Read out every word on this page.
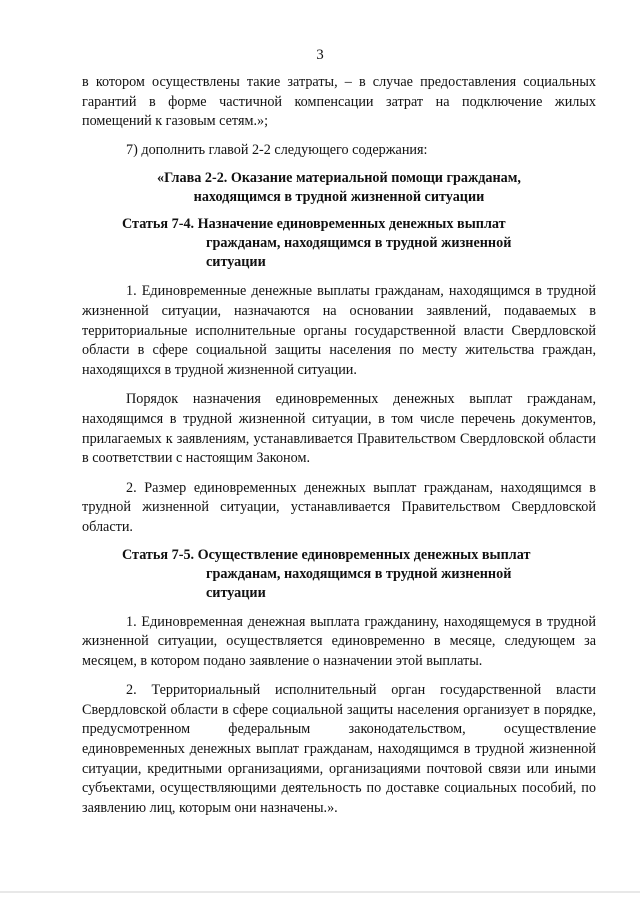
3

в котором осуществлены такие затраты, – в случае предоставления социальных гарантий в форме частичной компенсации затрат на подключение жилых помещений к газовым сетям.»;

7) дополнить главой 2-2 следующего содержания:

«Глава 2-2. Оказание материальной помощи гражданам,
находящимся в трудной жизненной ситуации
Статья 7-4. Назначение единовременных денежных выплат
гражданам, находящимся в трудной жизненной
ситуации

1. Единовременные денежные выплаты гражданам, находящимся в трудной жизненной ситуации, назначаются на основании заявлений, подаваемых в территориальные исполнительные органы государственной власти Свердловской области в сфере социальной защиты населения по месту жительства граждан, находящихся в трудной жизненной ситуации.

Порядок назначения единовременных денежных выплат гражданам, находящимся в трудной жизненной ситуации, в том числе перечень документов, прилагаемых к заявлениям, устанавливается Правительством Свердловской области в соответствии с настоящим Законом.

2. Размер единовременных денежных выплат гражданам, находящимся в трудной жизненной ситуации, устанавливается Правительством Свердловской области.

Статья 7-5. Осуществление единовременных денежных выплат
гражданам, находящимся в трудной жизненной
ситуации

1. Единовременная денежная выплата гражданину, находящемуся в трудной жизненной ситуации, осуществляется единовременно в месяце, следующем за месяцем, в котором подано заявление о назначении этой выплаты.

2. Территориальный исполнительный орган государственной власти Свердловской области в сфере социальной защиты населения организует в порядке, предусмотренном федеральным законодательством, осуществление единовременных денежных выплат гражданам, находящимся в трудной жизненной ситуации, кредитными организациями, организациями почтовой связи или иными субъектами, осуществляющими деятельность по доставке социальных пособий, по заявлению лиц, которым они назначены.».
